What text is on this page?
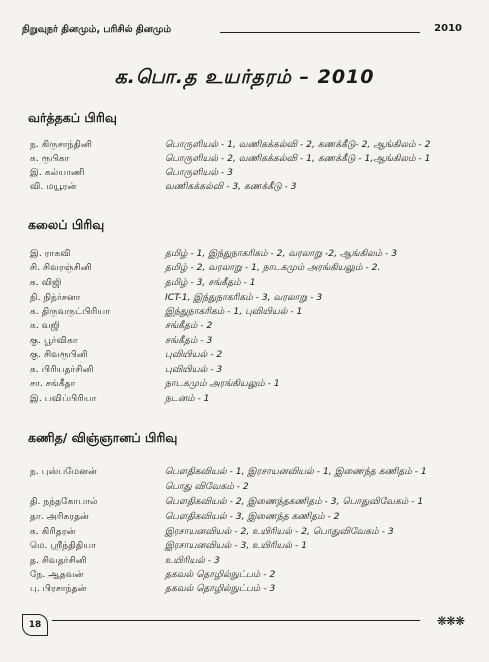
நிறுவுநர் தினமும், பரிசில் தினமும்	2010
க.பொ.த உயர்தரம் – 2010
வர்த்தகப் பிரிவு
ந. கிருசாந்தினி	பொருளியல் - 1, வணிகக்கல்வி - 2, கணக்கீடு- 2, ஆங்கிலம் - 2
க. ரூபிகா	பொருளியல் - 2, வணிகக்கல்வி - 1, கணக்கீடு - 1,ஆங்கிலம் - 1
இ. கல்யாணி	பொருளியல் - 3
வி. மயூரன்	வணிகக்கல்வி - 3, கணக்கீடு - 3
கலைப் பிரிவு
இ. ராகவி	தமிழ் - 1, இந்துநாகரிகம் - 2, வரலாறு -2, ஆங்கிலம் - 3
சி. சிவரஞ்சினி	தமிழ் - 2, வரலாறு - 1, நாடகமும் அரங்கியலும் - 2.
க. விஜி	தமிழ் - 3, சங்கீதம் - 1
நி. நிந்ர்சனா	ICT-1, இந்துநாகரிகம் - 3, வரலாறு - 3
க. திருவருட்பிரியா	இந்துநாகரிகம் - 1, புவியியல் - 1
க. வஜி	சங்கீதம் - 2
கு. பூர்விகா	சங்கீதம் - 3
கு. சிவரூபினி	புவியியல் - 2
க. பிரியதர்சினி	புவியியல் - 3
சா. சங்கீதா	நாடகமும் அரங்கியலும் - 1
இ. பவிப்பிரியா	நடனம் - 1
கணித/ விஞ்ஞானப் பிரிவு
ந. புஸ்பமேனன்	பௌதிகவியல் - 1, இரசாயனவியல் - 1, இணைந்த கணிதம் - 1
பொது விவேகம் - 2
தி. நந்தகோபால்	பௌதிகவியல் - 2, இணைந்தகணிதம் - 3, பொதுவிவேகம் - 1
தா. அரிகரதன்	பௌதிகவியல் - 3, இணைந்த கணிதம் - 2
க. கிரிதரன்	இரசாயனவியல் - 2, உயிரியல் - 2, பொதுவிவேகம் - 3
மெ. ஸ்ரீந்திதியா	இரசாயனவியல் - 3, உயிரியல் - 1
த. சிவதர்சினி	உயிரியல் - 3
நே. ஆதவன்	தகவல் தொழில்நுட்பம் - 2
பு. பிரசாந்தன்	தகவல் தொழில்நுட்பம் - 3
18	❋❋❋
